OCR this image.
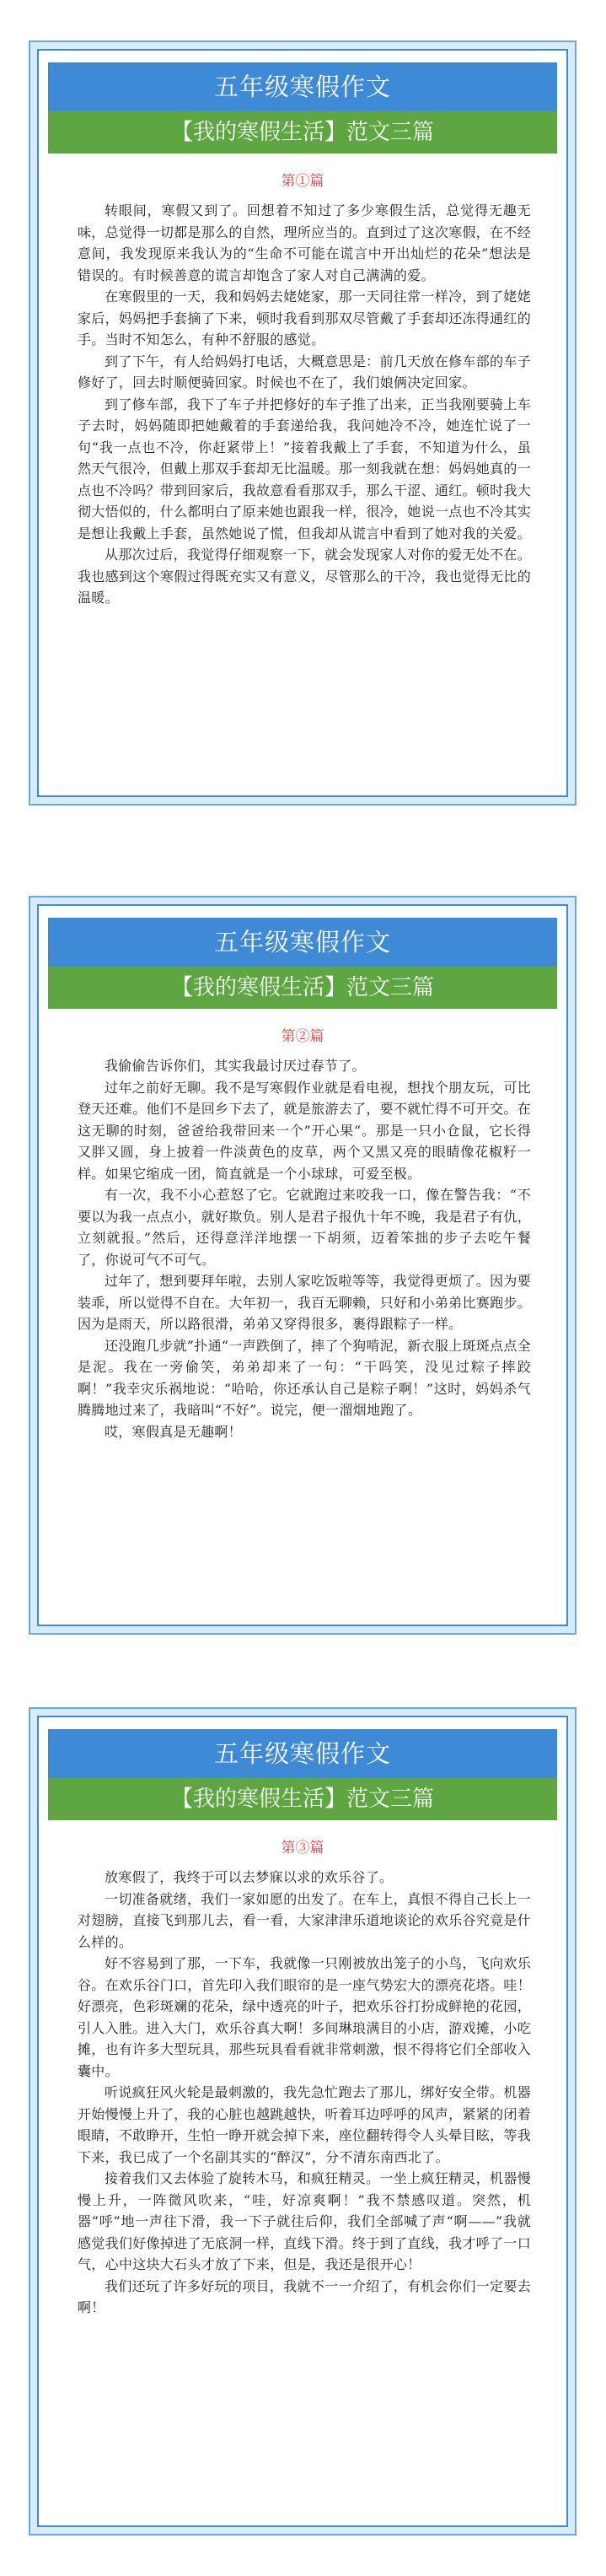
五年级寒假作文
【我的寒假生活】范文三篇
第①篇

转眼间，寒假又到了。回想着不知过了多少寒假生活，总觉得无趣无味，总觉得一切都是那么的自然，理所应当的。直到过了这次寒假，在不经意间，我发现原来我认为的“生命不可能在谎言中开出灿烂的花朵”想法是错误的。有时候善意的谎言却饱含了家人对自己满满的爱。

在寒假里的一天，我和妈妈去姥姥家，那一天同往常一样冷，到了姥姥家后，妈妈把手套摘了下来，顿时我看到那双尽管戴了手套却还冻得通红的手。当时不知怎么，有种不舒服的感觉。

到了下午，有人给妈妈打电话，大概意思是：前几天放在修车部的车子修好了，回去时顺便骑回家。时候也不在了，我们娘俩决定回家。

到了修车部，我下了车子并把修好的车子推了出来，正当我刚要骑上车子去时，妈妈随即把她戴着的手套递给我，我问她冷不冷，她连忙说了一句“我一点也不冷，你赶紧带上！”接着我戴上了手套，不知道为什么，虽然天气很冷，但戴上那双手套却无比温暖。那一刻我就在想：妈妈她真的一点也不冷吗？带到回家后，我故意看看那双手，那么干涩、通红。顿时我大彻大悟似的，什么都明白了原来她也跟我一样，很冷，她说一点也不冷其实是想让我戴上手套，虽然她说了慌，但我却从谎言中看到了她对我的关爱。

从那次过后，我觉得仔细观察一下，就会发现家人对你的爱无处不在。我也感到这个寒假过得既充实又有意义，尽管那么的干冷，我也觉得无比的温暖。

五年级寒假作文
【我的寒假生活】范文三篇
第②篇

我偷偷告诉你们，其实我最讨厌过春节了。

过年之前好无聊。我不是写寒假作业就是看电视，想找个朋友玩，可比登天还难。他们不是回乡下去了，就是旅游去了，要不就忙得不可开交。在这无聊的时刻，爸爸给我带回来一个”开心果“。那是一只小仓鼠，它长得又胖又圆，身上披着一件淡黄色的皮草，两个又黑又亮的眼睛像花椒籽一样。如果它缩成一团，简直就是一个小球球，可爱至极。

有一次，我不小心惹怒了它。它就跑过来咬我一口，像在警告我：“不要以为我一点点小，就好欺负。别人是君子报仇十年不晚，我是君子有仇，立刻就报。”然后，还得意洋洋地摆一下胡须，迈着笨拙的步子去吃午餐了，你说可气不可气。

过年了，想到要拜年啦，去别人家吃饭啦等等，我觉得更烦了。因为要装乖，所以觉得不自在。大年初一，我百无聊赖，只好和小弟弟比赛跑步。因为是雨天，所以路很滑，弟弟又穿得很多，裹得跟粽子一样。

还没跑几步就”扑通“一声跌倒了，摔了个狗啃泥，新衣服上斑斑点点全是泥。我在一旁偷笑，弟弟却来了一句：“干吗笑，没见过粽子摔跤啊！”我幸灾乐祸地说：“哈哈，你还承认自己是粽子啊！”这时，妈妈杀气腾腾地过来了，我暗叫“不好”。说完，便一溜烟地跑了。

哎，寒假真是无趣啊！

五年级寒假作文
【我的寒假生活】范文三篇
第③篇

放寒假了，我终于可以去梦寐以求的欢乐谷了。

一切准备就绪，我们一家如愿的出发了。在车上，真恨不得自己长上一对翅膀，直接飞到那儿去，看一看，大家津津乐道地谈论的欢乐谷究竟是什么样的。

好不容易到了那，一下车，我就像一只刚被放出笼子的小鸟，飞向欢乐谷。在欢乐谷门口，首先印入我们眼帘的是一座气势宏大的漂亮花塔。哇！好漂亮，色彩斑斓的花朵，绿中透亮的叶子，把欢乐谷打扮成鲜艳的花园，引人入胜。进入大门，欢乐谷真大啊！多间琳琅满目的小店，游戏摊，小吃摊，也有许多大型玩具，那些玩具看看就非常刺激，恨不得将它们全部收入囊中。

听说疯狂风火轮是最刺激的，我先急忙跑去了那儿，绑好安全带。机器开始慢慢上升了，我的心脏也越跳越快，听着耳边呼呼的风声，紧紧的闭着眼睛，不敢睁开，生怕一睁开就会掉下来，座位翻转得令人头晕目眩，等我下来，我已成了一个名副其实的“醉汉”，分不清东南西北了。

接着我们又去体验了旋转木马，和疯狂精灵。一坐上疯狂精灵，机器慢慢上升，一阵微风吹来，“哇，好凉爽啊！”我不禁感叹道。突然，机器“呼”地一声往下滑，我一下子就往后仰，我们全部喊了声“啊——”我就感觉我们好像掉进了无底洞一样，直线下滑。终于到了直线，我才呼了一口气，心中这块大石头才放了下来，但是，我还是很开心！

我们还玩了许多好玩的项目，我就不一一介绍了，有机会你们一定要去啊！
